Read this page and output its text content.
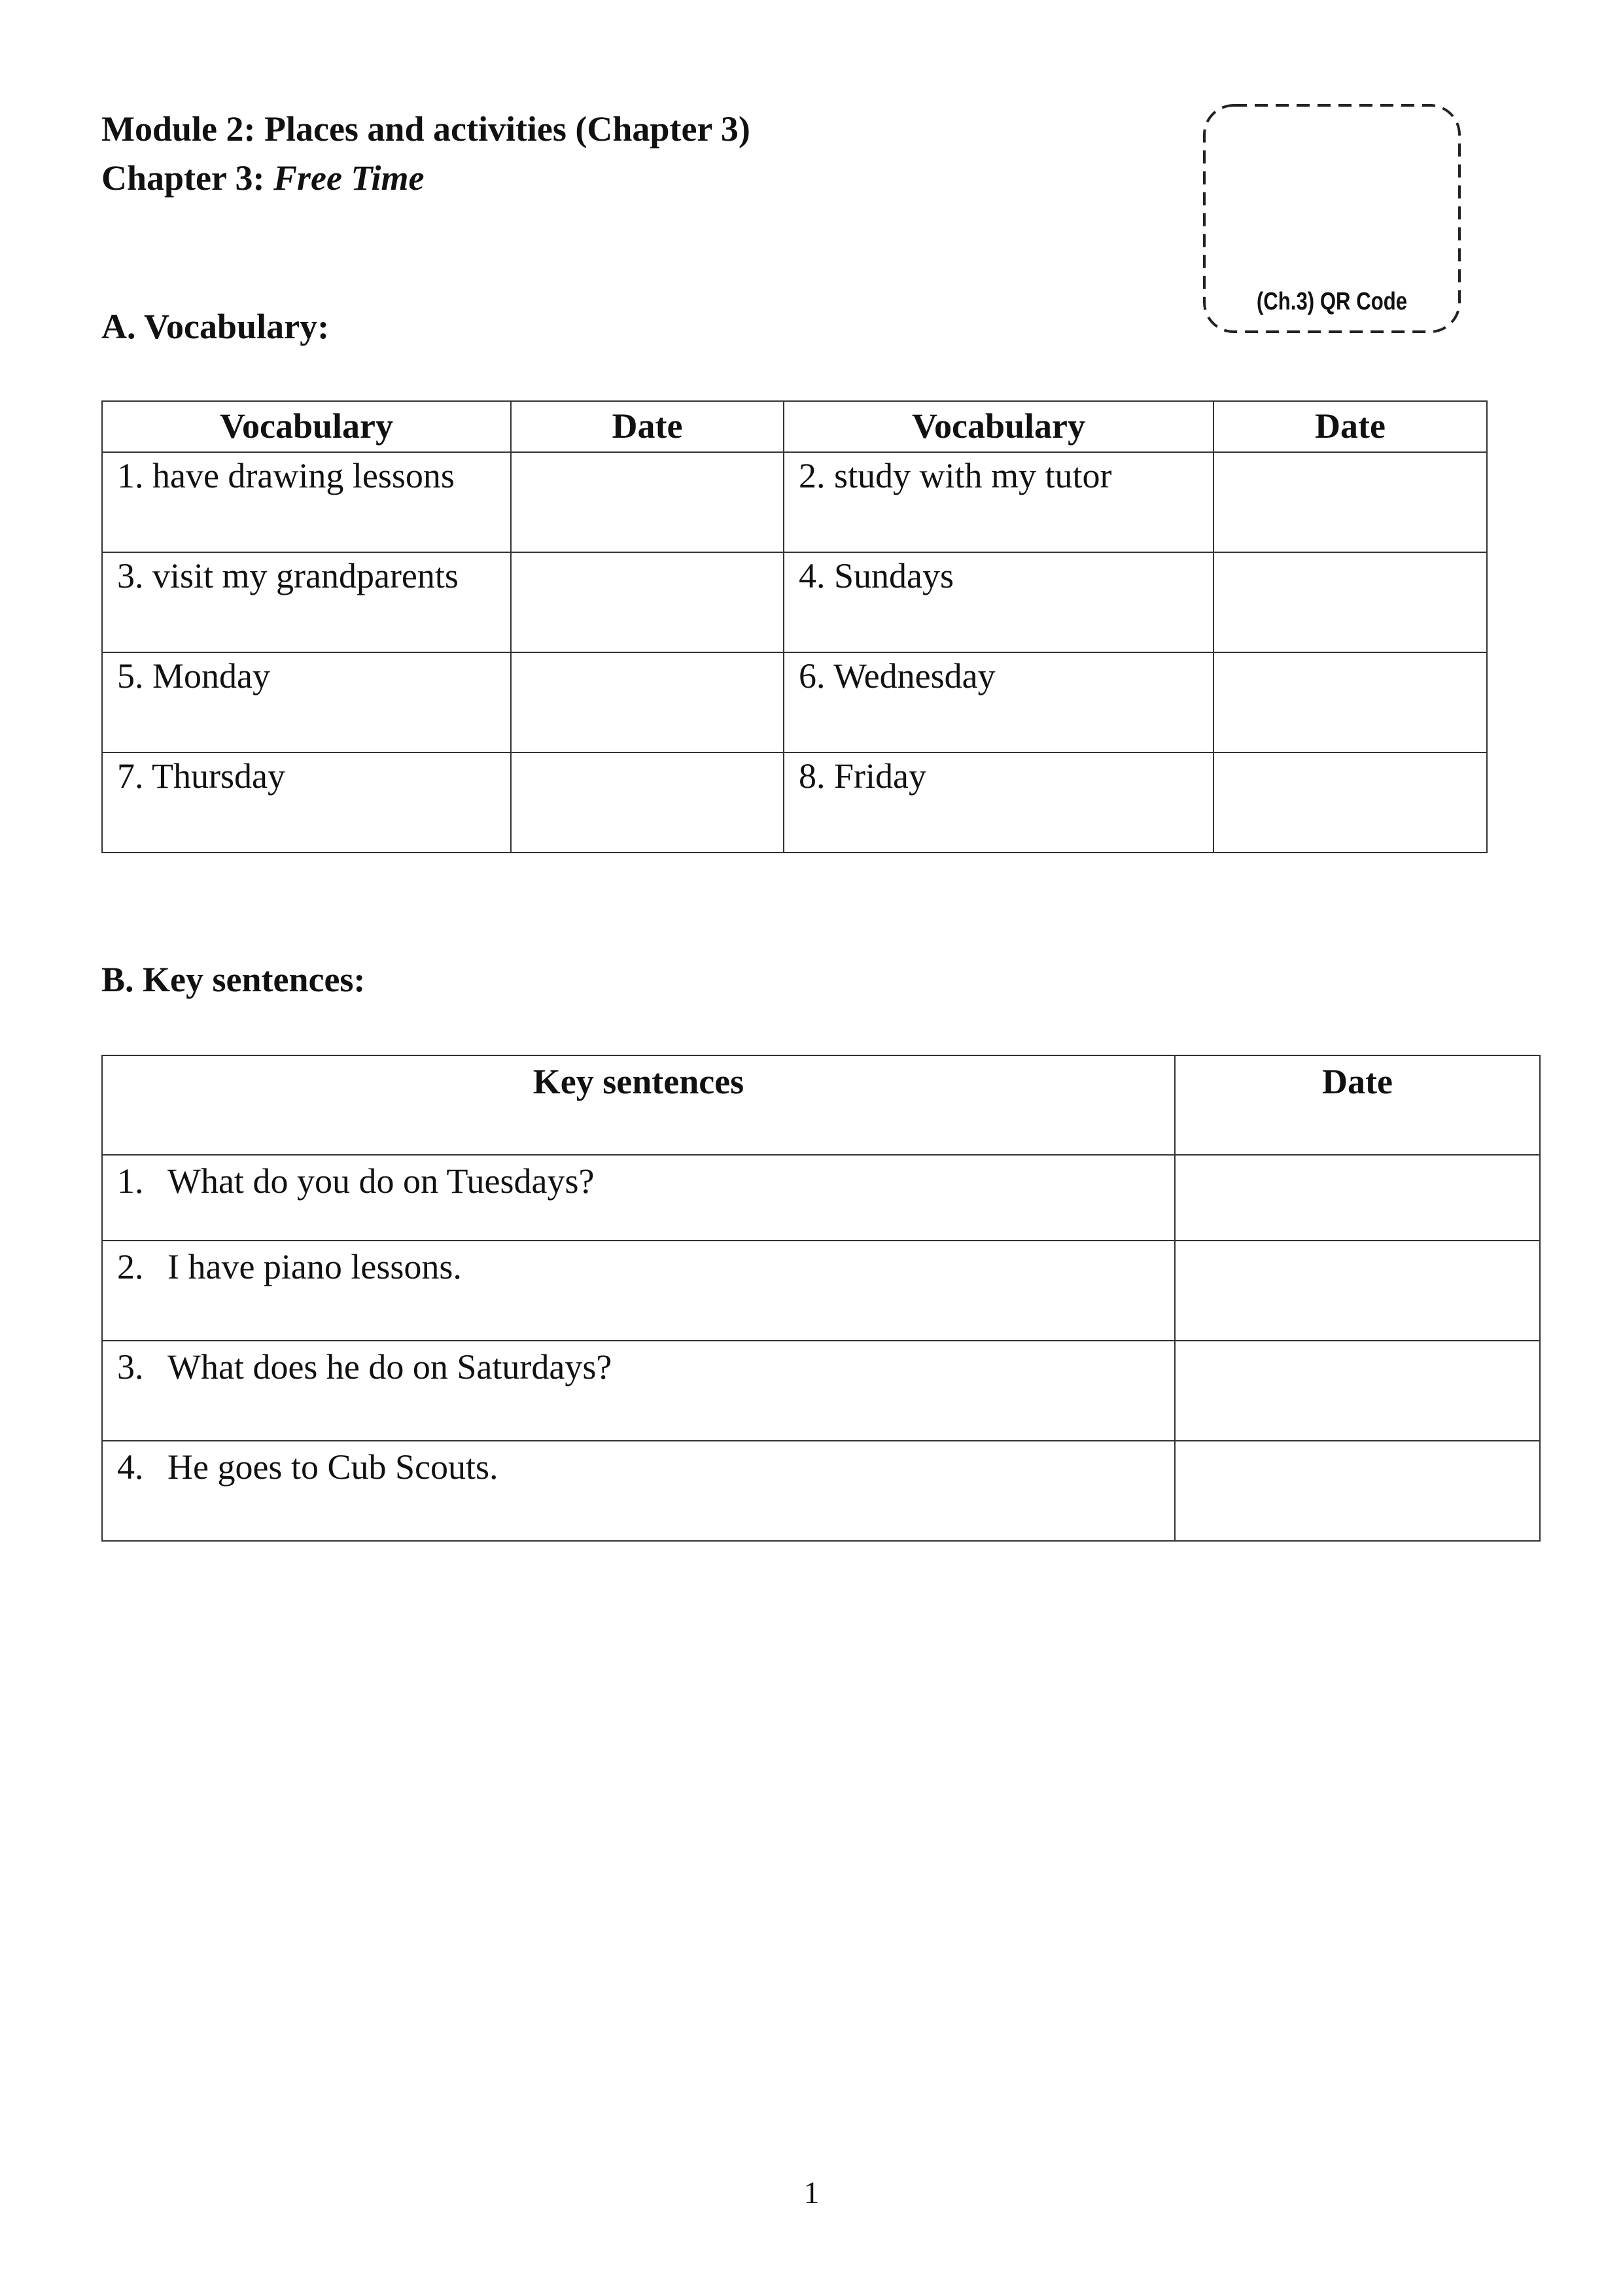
Module 2: Places and activities (Chapter 3)
Chapter 3: Free Time
(Ch.3) QR Code
A. Vocabulary:
Vocabulary	Date	Vocabulary	Date
1. have drawing lessons		2. study with my tutor	
3. visit my grandparents		4. Sundays	
5. Monday		6. Wednesday	
7. Thursday		8. Friday	
B. Key sentences:
Key sentences	Date
1. What do you do on Tuesdays?	
2. I have piano lessons.	
3. What does he do on Saturdays?	
4. He goes to Cub Scouts.	
1
